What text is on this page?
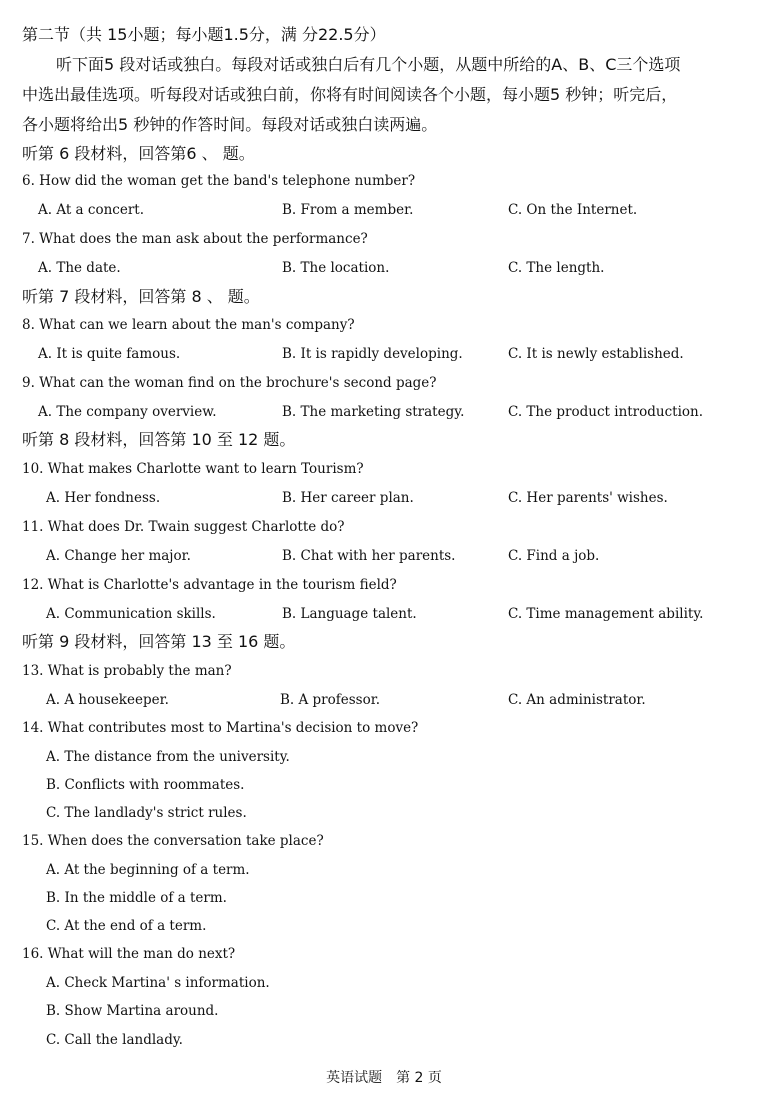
第二节（共 15小题；每小题1.5分，满 分22.5分）
听下面5 段对话或独白。每段对话或独白后有几个小题，从题中所给的A、B、C三个选项
中选出最佳选项。听每段对话或独白前，你将有时间阅读各个小题，每小题5 秒钟；听完后，
各小题将给出5 秒钟的作答时间。每段对话或独白读两遍。
听第 6 段材料，回答第6 、 题。
6. How did the woman get the band's telephone number?
A. At a concert.	B. From a member.	C. On the Internet.
7. What does the man ask about the performance?
A. The date.	B. The location.	C. The length.
听第 7 段材料，回答第 8 、 题。
8. What can we learn about the man's company?
A. It is quite famous.	B. It is rapidly developing.	C. It is newly established.
9. What can the woman find on the brochure's second page?
A. The company overview.	B. The marketing strategy.	C. The product introduction.
听第 8 段材料，回答第 10 至 12 题。
10. What makes Charlotte want to learn Tourism?
A. Her fondness.	B. Her career plan.	C. Her parents' wishes.
11. What does Dr. Twain suggest Charlotte do?
A. Change her major.	B. Chat with her parents.	C. Find a job.
12. What is Charlotte's advantage in the tourism field?
A. Communication skills.	B. Language talent.	C. Time management ability.
听第 9 段材料，回答第 13 至 16 题。
13. What is probably the man?
A. A housekeeper.	B. A professor.	C. An administrator.
14. What contributes most to Martina's decision to move?
A. The distance from the university.
B. Conflicts with roommates.
C. The landlady's strict rules.
15. When does the conversation take place?
A. At the beginning of a term.
B. In the middle of a term.
C. At the end of a term.
16. What will the man do next?
A. Check Martina' s information.
B. Show Martina around.
C. Call the landlady.
英语试题　第 2 页
